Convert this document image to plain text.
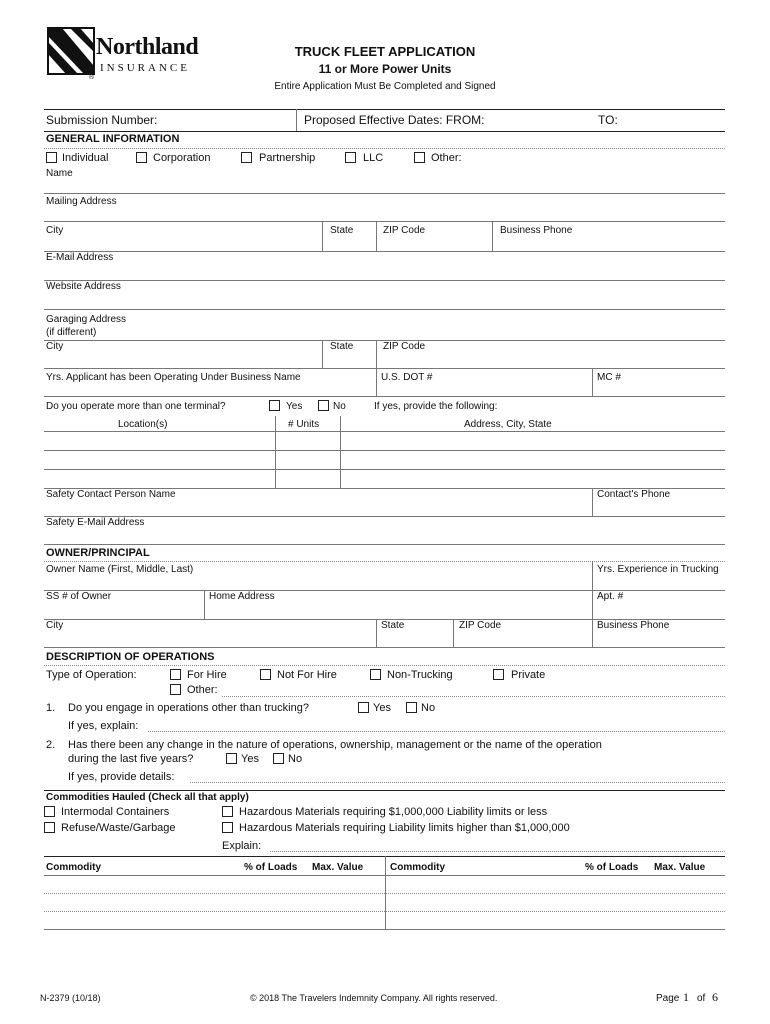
Northland
INSURANCE
®
TRUCK FLEET APPLICATION
11 or More Power Units
Entire Application Must Be Completed and Signed
Submission Number:	Proposed Effective Dates: FROM:	TO:
GENERAL INFORMATION
Individual	Corporation	Partnership	LLC	Other:
Name
Mailing Address
City	State	ZIP Code	Business Phone
E-Mail Address
Website Address
Garaging Address
(if different)
City	State	ZIP Code
Yrs. Applicant has been Operating Under Business Name	U.S. DOT #	MC #
Do you operate more than one terminal?	Yes	No	If yes, provide the following:
Location(s)	# Units	Address, City, State
Safety Contact Person Name	Contact's Phone
Safety E-Mail Address
OWNER/PRINCIPAL
Owner Name (First, Middle, Last)	Yrs. Experience in Trucking
SS # of Owner	Home Address	Apt. #
City	State	ZIP Code	Business Phone
DESCRIPTION OF OPERATIONS
Type of Operation:	For Hire	Not For Hire	Non-Trucking	Private
Other:
1. Do you engage in operations other than trucking?	Yes	No
If yes, explain:
2. Has there been any change in the nature of operations, ownership, management or the name of the operation
during the last five years?	Yes	No
If yes, provide details:
Commodities Hauled (Check all that apply)
Intermodal Containers
Refuse/Waste/Garbage
Hazardous Materials requiring $1,000,000 Liability limits or less
Hazardous Materials requiring Liability limits higher than $1,000,000
Explain:
Commodity	% of Loads Max. Value	Commodity	% of Loads Max. Value
N-2379 (10/18)	© 2018 The Travelers Indemnity Company. All rights reserved.	Page 1 of 6
